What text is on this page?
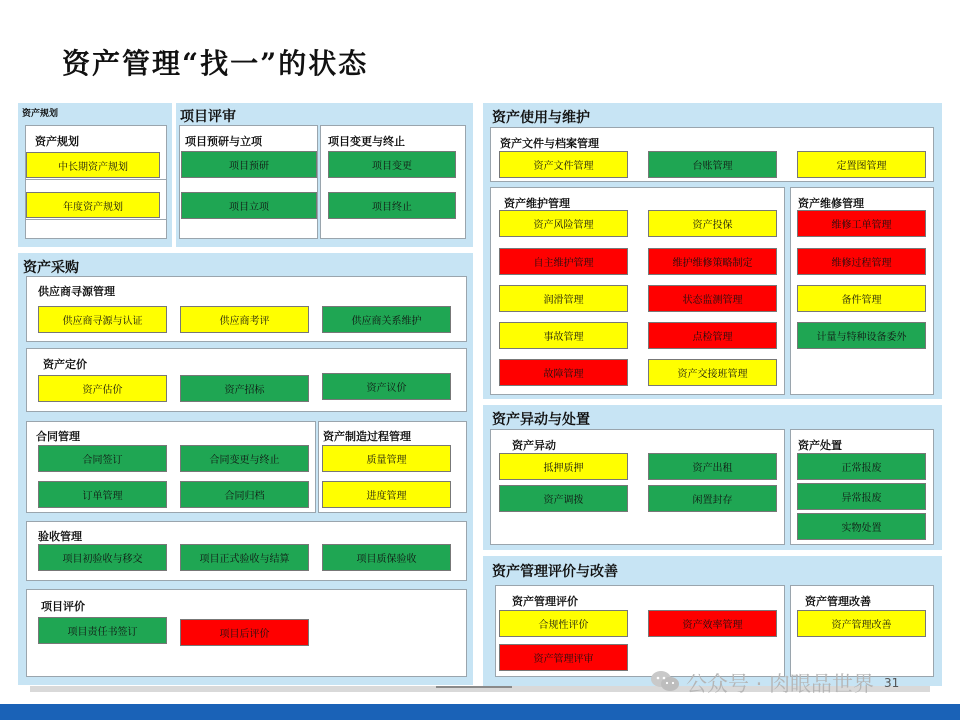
资产管理“找一”的状态
资产规划
资产规划
中长期资产规划
年度资产规划
项目评审
项目预研与立项
项目预研
项目立项
项目变更与终止
项目变更
项目终止
资产采购
供应商寻源管理
供应商寻源与认证	供应商考评	供应商关系维护
资产定价
资产估价	资产招标	资产议价
合同管理
合同签订	合同变更与终止
订单管理	合同归档
资产制造过程管理
质量管理
进度管理
验收管理
项目初验收与移交	项目正式验收与结算	项目质保验收
项目评价
项目责任书签订	项目后评价
资产使用与维护
资产文件与档案管理
资产文件管理	台账管理	定置图管理
资产维护管理
资产风险管理	资产投保
自主维护管理	维护维修策略制定
润滑管理	状态监测管理
事故管理	点检管理
故障管理	资产交接班管理
资产维修管理
维修工单管理
维修过程管理
备件管理
计量与特种设备委外
资产异动与处置
资产异动
抵押质押	资产出租
资产调拨	闲置封存
资产处置
正常报废
异常报废
实物处置
资产管理评价与改善
资产管理评价
合规性评价	资产效率管理
资产管理评审
资产管理改善
资产管理改善
公众号 · 肉眼品世界 31
